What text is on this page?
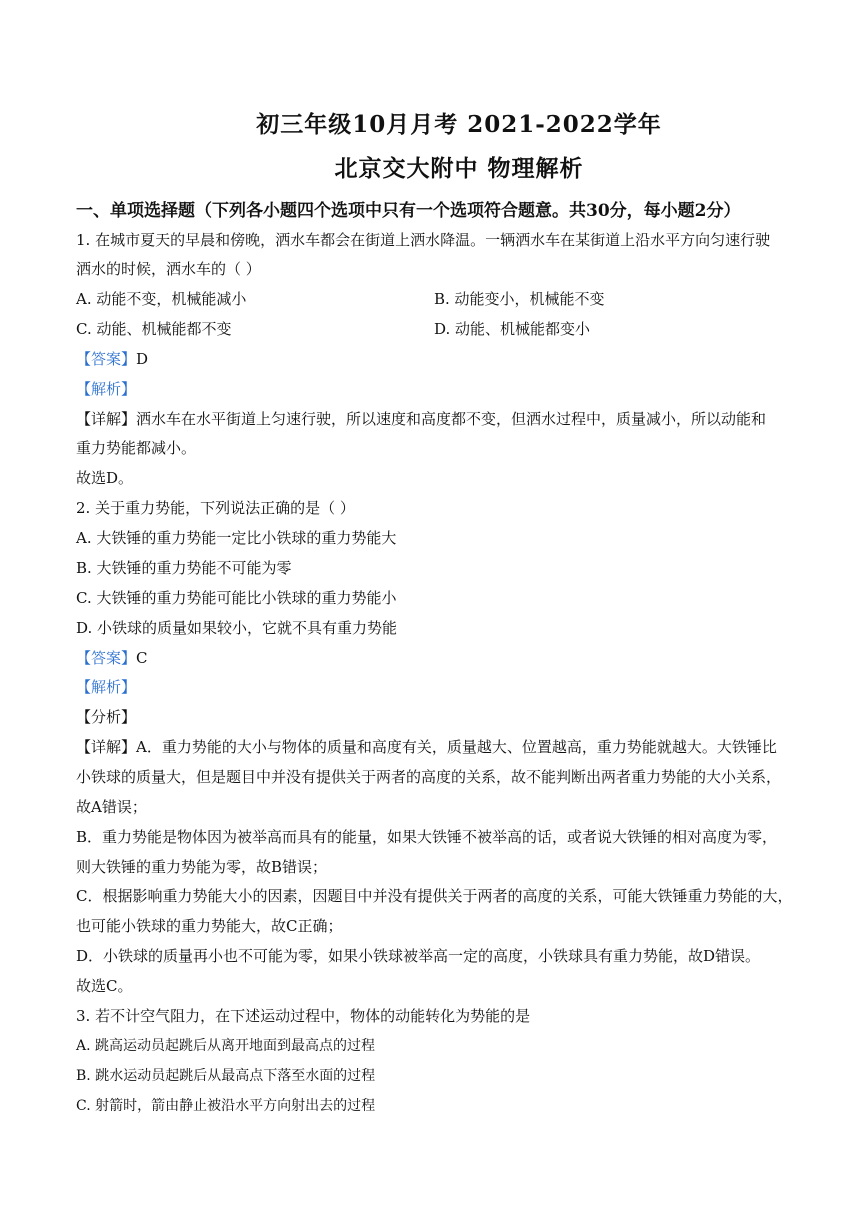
初三年级10月月考 2021-2022学年
北京交大附中 物理解析
一、单项选择题（下列各小题四个选项中只有一个选项符合题意。共30分，每小题2分）
1. 在城市夏天的早晨和傍晚，洒水车都会在街道上洒水降温。一辆洒水车在某街道上沿水平方向匀速行驶
洒水的时候，洒水车的（ ）
A. 动能不变，机械能减小	B. 动能变小，机械能不变
C. 动能、机械能都不变	D. 动能、机械能都变小
【答案】D
【解析】
【详解】洒水车在水平街道上匀速行驶，所以速度和高度都不变，但洒水过程中，质量减小，所以动能和
重力势能都减小。
故选D。
2. 关于重力势能，下列说法正确的是（ ）
A. 大铁锤的重力势能一定比小铁球的重力势能大
B. 大铁锤的重力势能不可能为零
C. 大铁锤的重力势能可能比小铁球的重力势能小
D. 小铁球的质量如果较小，它就不具有重力势能
【答案】C
【解析】
【分析】
【详解】A．重力势能的大小与物体的质量和高度有关，质量越大、位置越高，重力势能就越大。大铁锤比
小铁球的质量大，但是题目中并没有提供关于两者的高度的关系，故不能判断出两者重力势能的大小关系，
故A错误；
B．重力势能是物体因为被举高而具有的能量，如果大铁锤不被举高的话，或者说大铁锤的相对高度为零，
则大铁锤的重力势能为零，故B错误；
C．根据影响重力势能大小的因素，因题目中并没有提供关于两者的高度的关系，可能大铁锤重力势能的大，
也可能小铁球的重力势能大，故C正确；
D．小铁球的质量再小也不可能为零，如果小铁球被举高一定的高度，小铁球具有重力势能，故D错误。
故选C。
3. 若不计空气阻力，在下述运动过程中，物体的动能转化为势能的是
A. 跳高运动员起跳后从离开地面到最高点的过程
B. 跳水运动员起跳后从最高点下落至水面的过程
C. 射箭时，箭由静止被沿水平方向射出去的过程
